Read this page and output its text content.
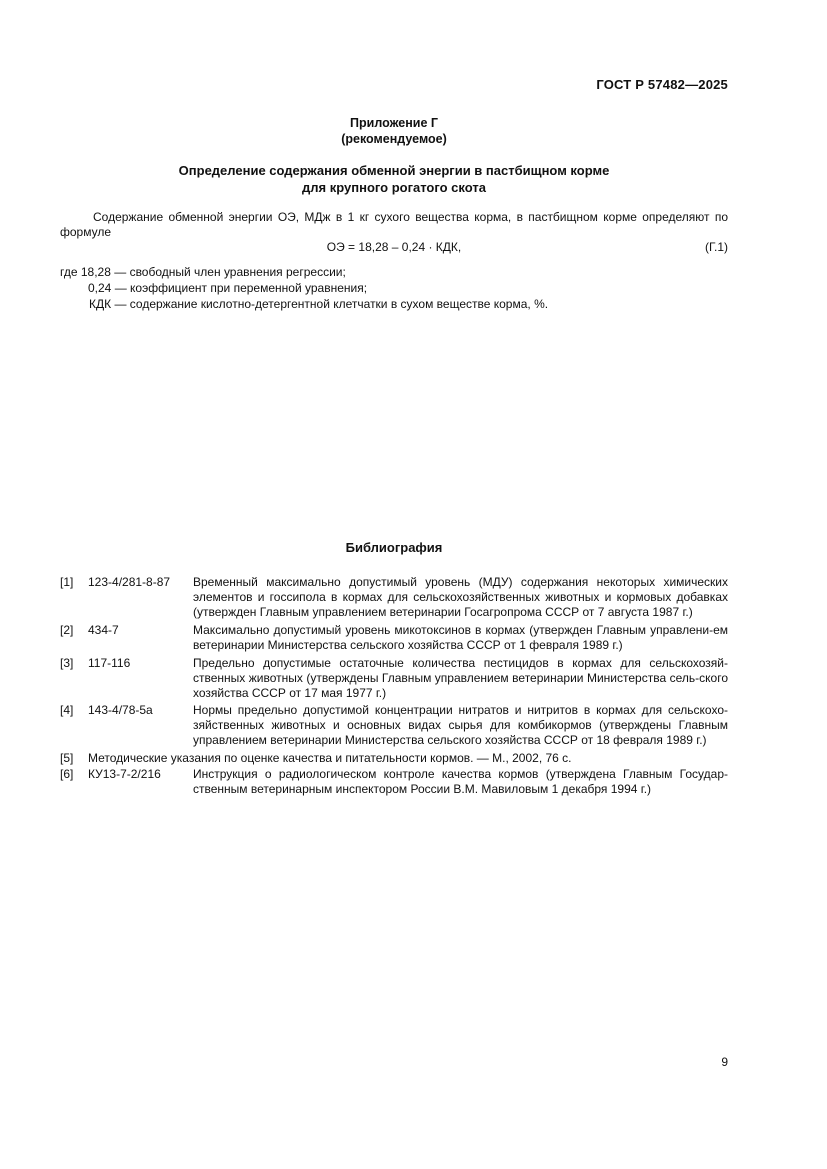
ГОСТ Р 57482—2025
Приложение Г
(рекомендуемое)
Определение содержания обменной энергии в пастбищном корме
для крупного рогатого скота
Содержание обменной энергии ОЭ, МДж в 1 кг сухого вещества корма, в пастбищном корме определяют по формуле
ОЭ = 18,28 – 0,24 · КДК,	(Г.1)
где 18,28 — свободный член уравнения регрессии;
0,24 — коэффициент при переменной уравнения;
КДК — содержание кислотно-детергентной клетчатки в сухом веществе корма, %.
Библиография
[1] 123-4/281-8-87 Временный максимально допустимый уровень (МДУ) содержания некоторых химических элементов и госсипола в кормах для сельскохозяйственных животных и кормовых добавках (утвержден Главным управлением ветеринарии Госагропрома СССР от 7 августа 1987 г.)
[2] 434-7	Максимально допустимый уровень микотоксинов в кормах (утвержден Главным управлени-ем ветеринарии Министерства сельского хозяйства СССР от 1 февраля 1989 г.)
[3] 117-116	Предельно допустимые остаточные количества пестицидов в кормах для сельскохозяй-ственных животных (утверждены Главным управлением ветеринарии Министерства сель-ского хозяйства СССР от 17 мая 1977 г.)
[4] 143-4/78-5а	Нормы предельно допустимой концентрации нитратов и нитритов в кормах для сельскохо-зяйственных животных и основных видах сырья для комбикормов (утверждены Главным управлением ветеринарии Министерства сельского хозяйства СССР от 18 февраля 1989 г.)
[5] Методические указания по оценке качества и питательности кормов. — М., 2002, 76 с.
[6] КУ13-7-2/216	Инструкция о радиологическом контроле качества кормов (утверждена Главным Государ-ственным ветеринарным инспектором России В.М. Мавиловым 1 декабря 1994 г.)
9
